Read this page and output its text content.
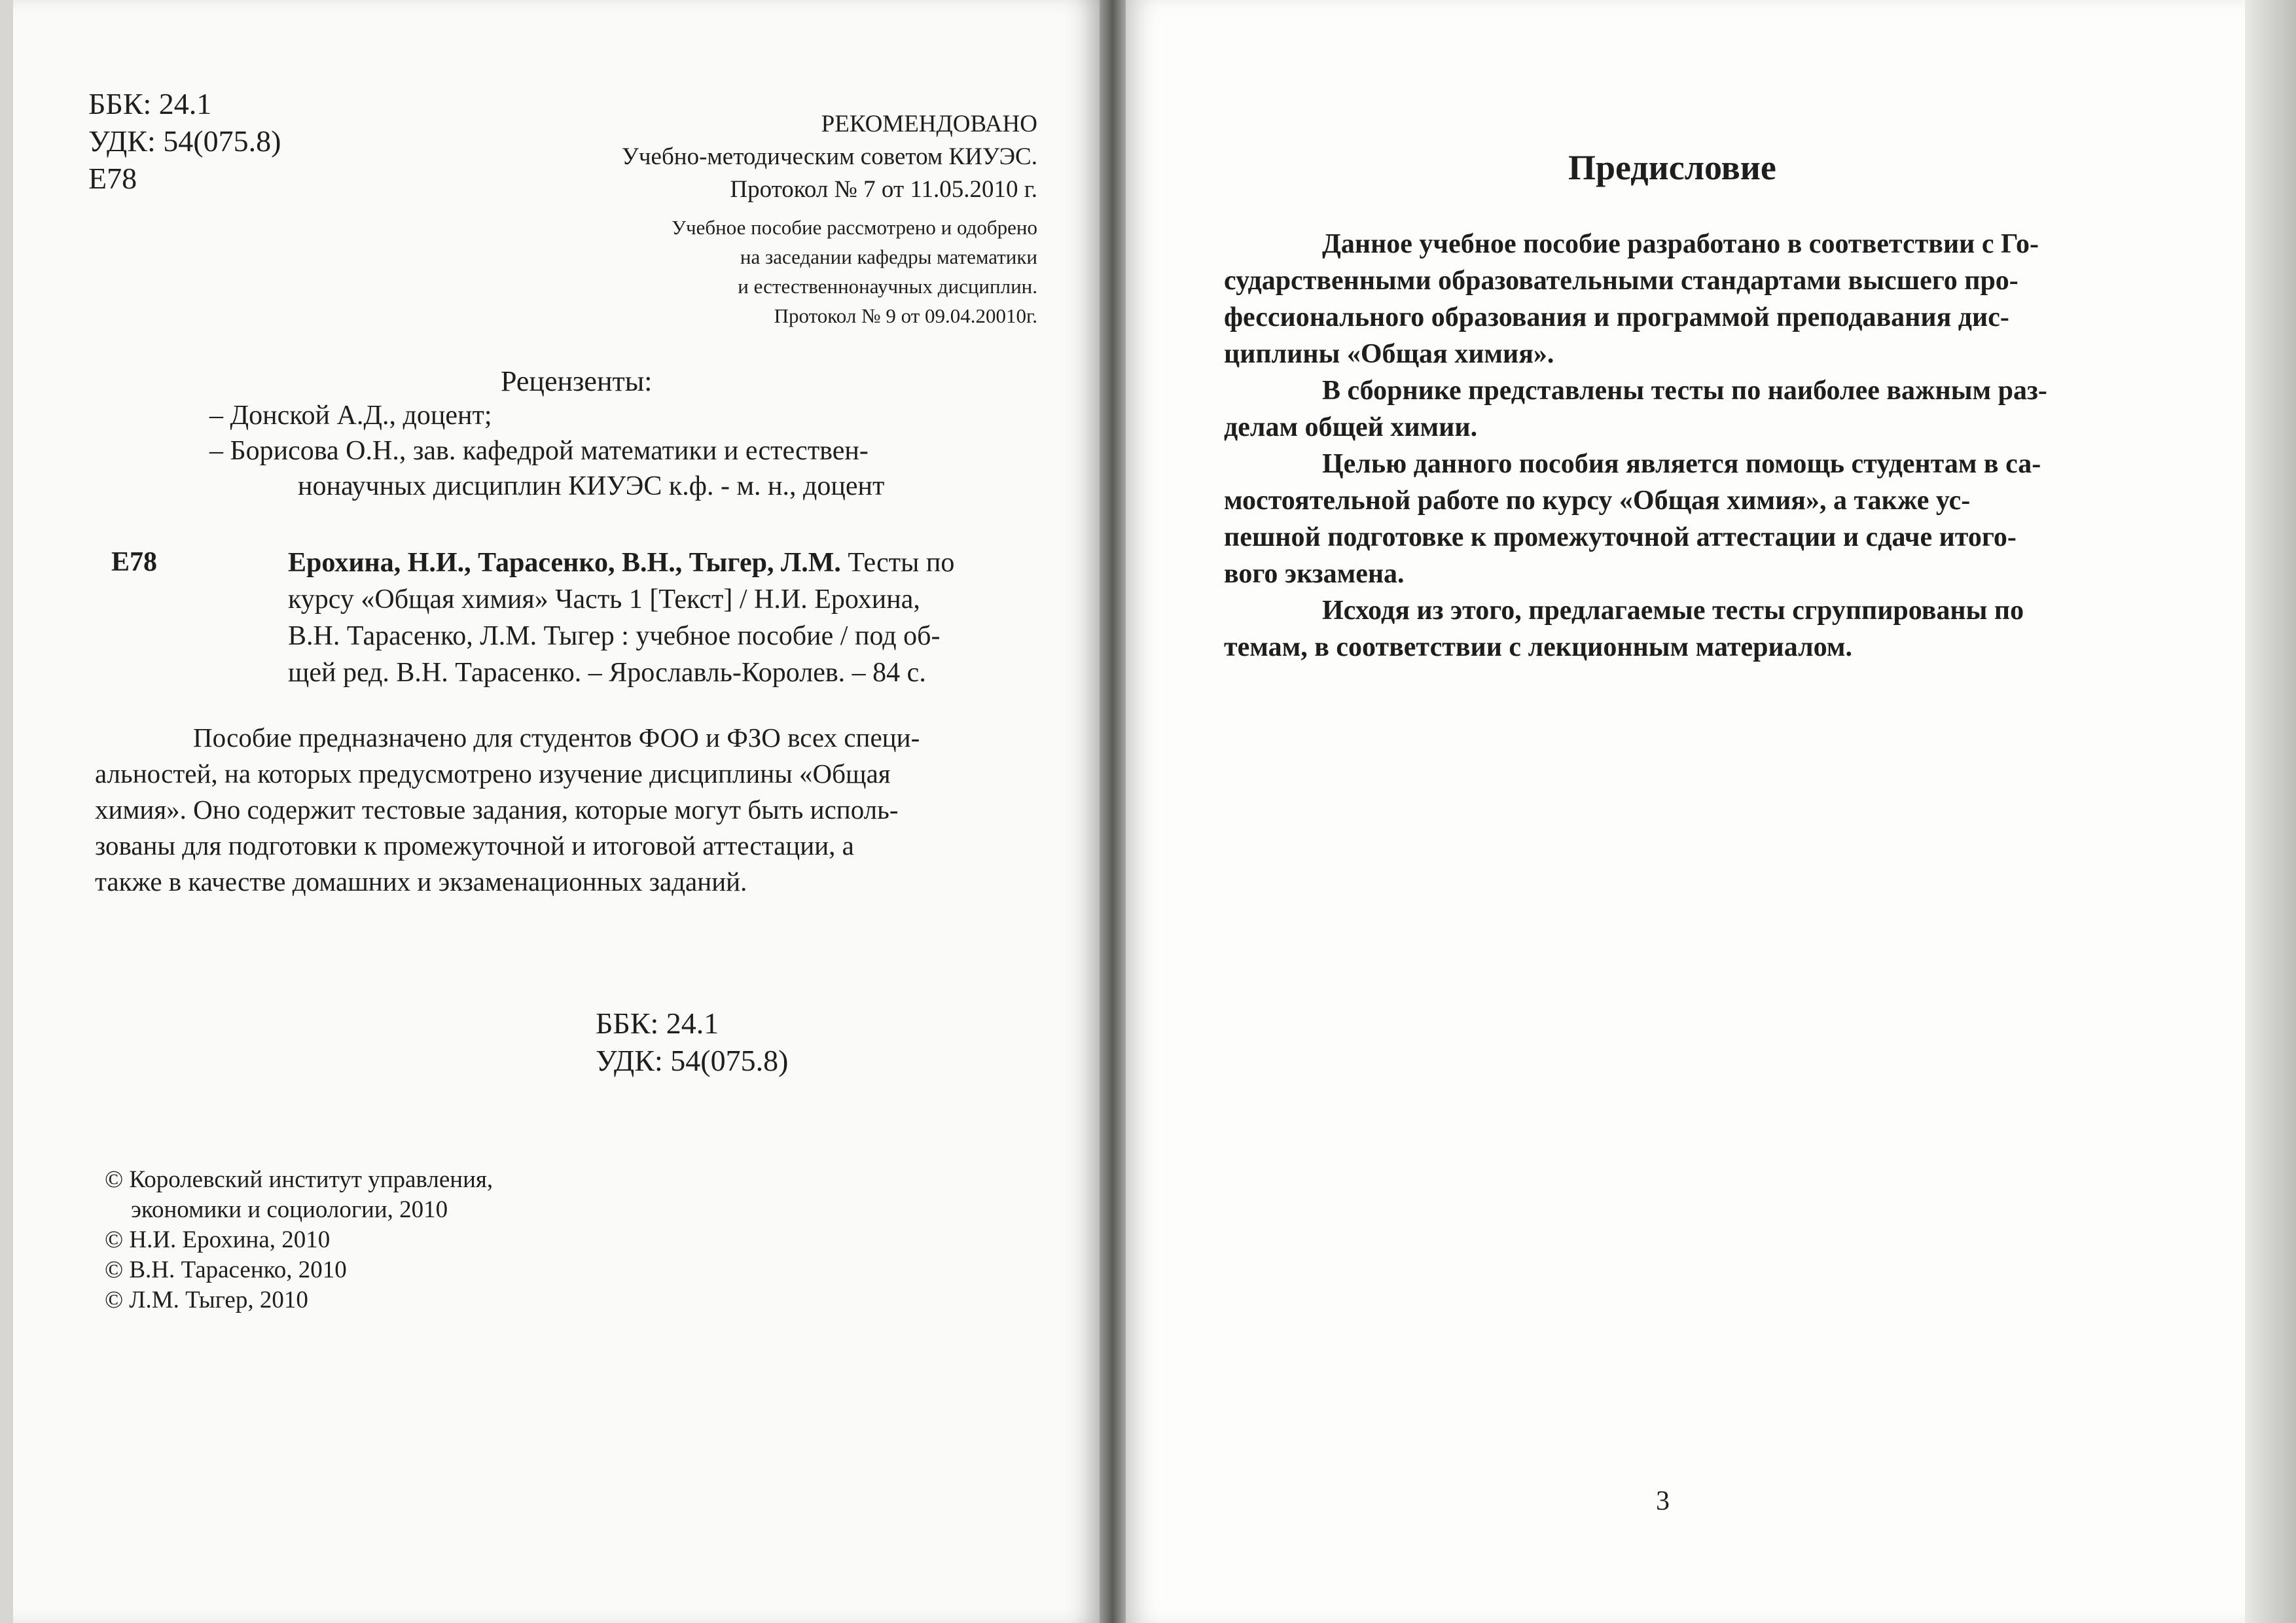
ББК: 24.1
УДК: 54(075.8)
Е78
РЕКОМЕНДОВАНО
Учебно-методическим советом КИУЭС.
Протокол № 7 от 11.05.2010 г.
Учебное пособие рассмотрено и одобрено
на заседании кафедры математики
и естественнонаучных дисциплин.
Протокол № 9 от 09.04.20010г.
Рецензенты:
– Донской А.Д., доцент;
– Борисова О.Н., зав. кафедрой математики и естествен-
нонаучных дисциплин КИУЭС к.ф. - м. н., доцент
Е78	Ерохина, Н.И., Тарасенко, В.Н., Тыгер, Л.М. Тесты по
курсу «Общая химия» Часть 1 [Текст] / Н.И. Ерохина,
В.Н. Тарасенко, Л.М. Тыгер : учебное пособие / под об-
щей ред. В.Н. Тарасенко. – Ярославль-Королев. – 84 с.
Пособие предназначено для студентов ФОО и ФЗО всех специ-
альностей, на которых предусмотрено изучение дисциплины «Общая
химия». Оно содержит тестовые задания, которые могут быть исполь-
зованы для подготовки к промежуточной и итоговой аттестации, а
также в качестве домашних и экзаменационных заданий.
ББК: 24.1
УДК: 54(075.8)
© Королевский институт управления,
экономики и социологии, 2010
© Н.И. Ерохина, 2010
© В.Н. Тарасенко, 2010
© Л.М. Тыгер, 2010
Предисловие
Данное учебное пособие разработано в соответствии с Го-
сударственными образовательными стандартами высшего про-
фессионального образования и программой преподавания дис-
циплины «Общая химия».
В сборнике представлены тесты по наиболее важным раз-
делам общей химии.
Целью данного пособия является помощь студентам в са-
мостоятельной работе по курсу «Общая химия», а также ус-
пешной подготовке к промежуточной аттестации и сдаче итого-
вого экзамена.
Исходя из этого, предлагаемые тесты сгруппированы по
темам, в соответствии с лекционным материалом.
3
